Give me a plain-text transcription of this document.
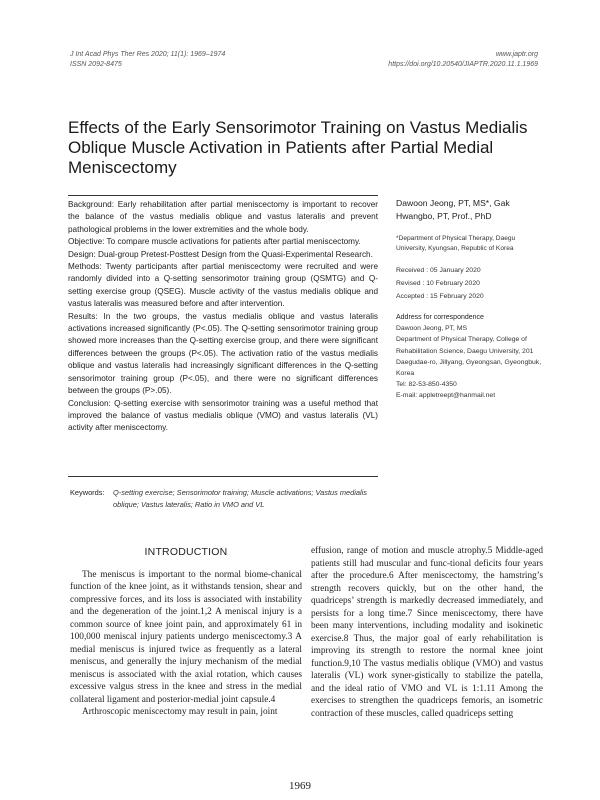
J Int Acad Phys Ther Res 2020; 11(1): 1969–1974
ISSN 2092-8475
www.japtr.org
https://doi.org/10.20540/JIAPTR.2020.11.1.1969
Effects of the Early Sensorimotor Training on Vastus Medialis Oblique Muscle Activation in Patients after Partial Medial Meniscectomy

Background: Early rehabilitation after partial meniscectomy is important to recover the balance of the vastus medialis oblique and vastus lateralis and prevent pathological problems in the lower extremities and the whole body.

Objective: To compare muscle activations for patients after partial meniscectomy.

Design: Dual-group Pretest-Posttest Design from the Quasi-Experimental Research.

Methods: Twenty participants after partial meniscectomy were recruited and were randomly divided into a Q-setting sensorimotor training group (QSMTG) and Q-setting exercise group (QSEG). Muscle activity of the vastus medialis oblique and vastus lateralis was measured before and after intervention.

Results: In the two groups, the vastus medialis oblique and vastus lateralis activations increased significantly (P<.05). The Q-setting sensorimotor training group showed more increases than the Q-setting exercise group, and there were significant differences between the groups (P<.05). The activation ratio of the vastus medialis oblique and vastus lateralis had increasingly significant differences in the Q-setting sensorimotor training group (P<.05), and there were no significant differences between the groups (P>.05).

Conclusion: Q-setting exercise with sensorimotor training was a useful method that improved the balance of vastus medialis oblique (VMO) and vastus lateralis (VL) activity after meniscectomy.

Dawoon Jeong, PT, MS*, Gak Hwangbo, PT, Prof., PhD

*Department of Physical Therapy, Daegu University, Kyungsan, Republic of Korea

Received : 05 January 2020
Revised : 10 February 2020
Accepted : 15 February 2020
Address for correspondence
Dawoon Jeong, PT, MS
Department of Physical Therapy, College of Rehabilitation Science, Daegu University, 201 Daegudae-ro, Jillyang, Gyeongsan, Gyeongbuk, Korea
Tel: 82-53-850-4350
E-mail: appletreept@hanmail.net
Keywords: Q-setting exercise; Sensorimotor training; Muscle activations; Vastus medialis oblique; Vastus lateralis; Ratio in VMO and VL
INTRODUCTION

The meniscus is important to the normal biome-chanical function of the knee joint, as it withstands tension, shear and compressive forces, and its loss is associated with instability and the degeneration of the joint.1,2 A meniscal injury is a common source of knee joint pain, and approximately 61 in 100,000 meniscal injury patients undergo meniscectomy.3 A medial meniscus is injured twice as frequently as a lateral meniscus, and generally the injury mechanism of the medial meniscus is associated with the axial rotation, which causes excessive valgus stress in the knee and stress in the medial collateral ligament and posterior-medial joint capsule.4

Arthroscopic meniscectomy may result in pain, joint

effusion, range of motion and muscle atrophy.5 Middle-aged patients still had muscular and func-tional deficits four years after the procedure.6 After meniscectomy, the hamstring’s strength recovers quickly, but on the other hand, the quadriceps’ strength is markedly decreased immediately, and persists for a long time.7 Since meniscectomy, there have been many interventions, including modality and isokinetic exercise.8 Thus, the major goal of early rehabilitation is improving its strength to restore the normal knee joint function.9,10 The vastus medialis oblique (VMO) and vastus lateralis (VL) work syner-gistically to stabilize the patella, and the ideal ratio of VMO and VL is 1:1.11 Among the exercises to strengthen the quadriceps femoris, an isometric contraction of these muscles, called quadriceps setting

1969
